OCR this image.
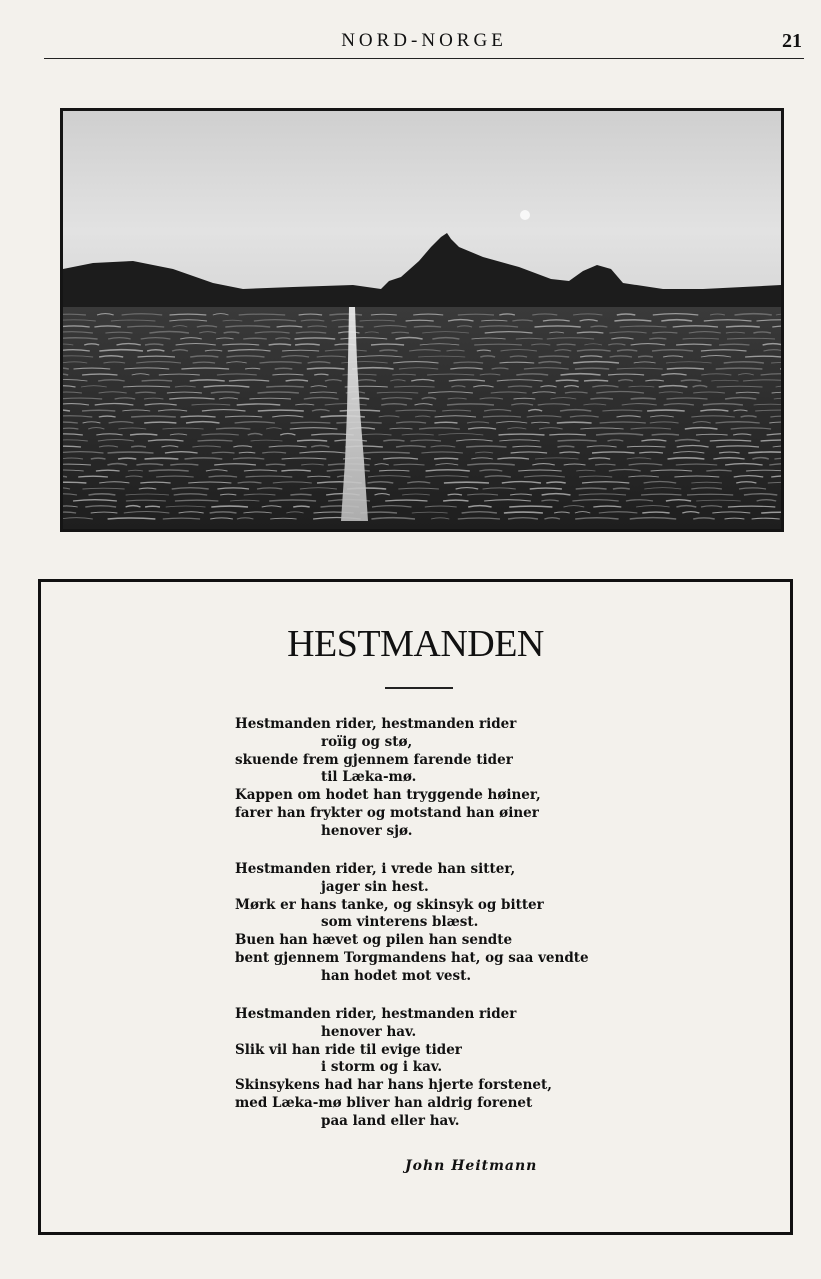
NORD-NORGE	21
HESTMANDEN
Hestmanden rider, hestmanden rider
roïig og stø,
skuende frem gjennem farende tider
til Læka-mø.
Kappen om hodet han tryggende høiner,
farer han frykter og motstand han øiner
henover sjø.
Hestmanden rider, i vrede han sitter,
jager sin hest.
Mørk er hans tanke, og skinsyk og bitter
som vinterens blæst.
Buen han hævet og pilen han sendte
bent gjennem Torgmandens hat, og saa vendte
han hodet mot vest.
Hestmanden rider, hestmanden rider
henover hav.
Slik vil han ride til evige tider
i storm og i kav.
Skinsykens had har hans hjerte forstenet,
med Læka-mø bliver han aldrig forenet
paa land eller hav.
John Heitmann
